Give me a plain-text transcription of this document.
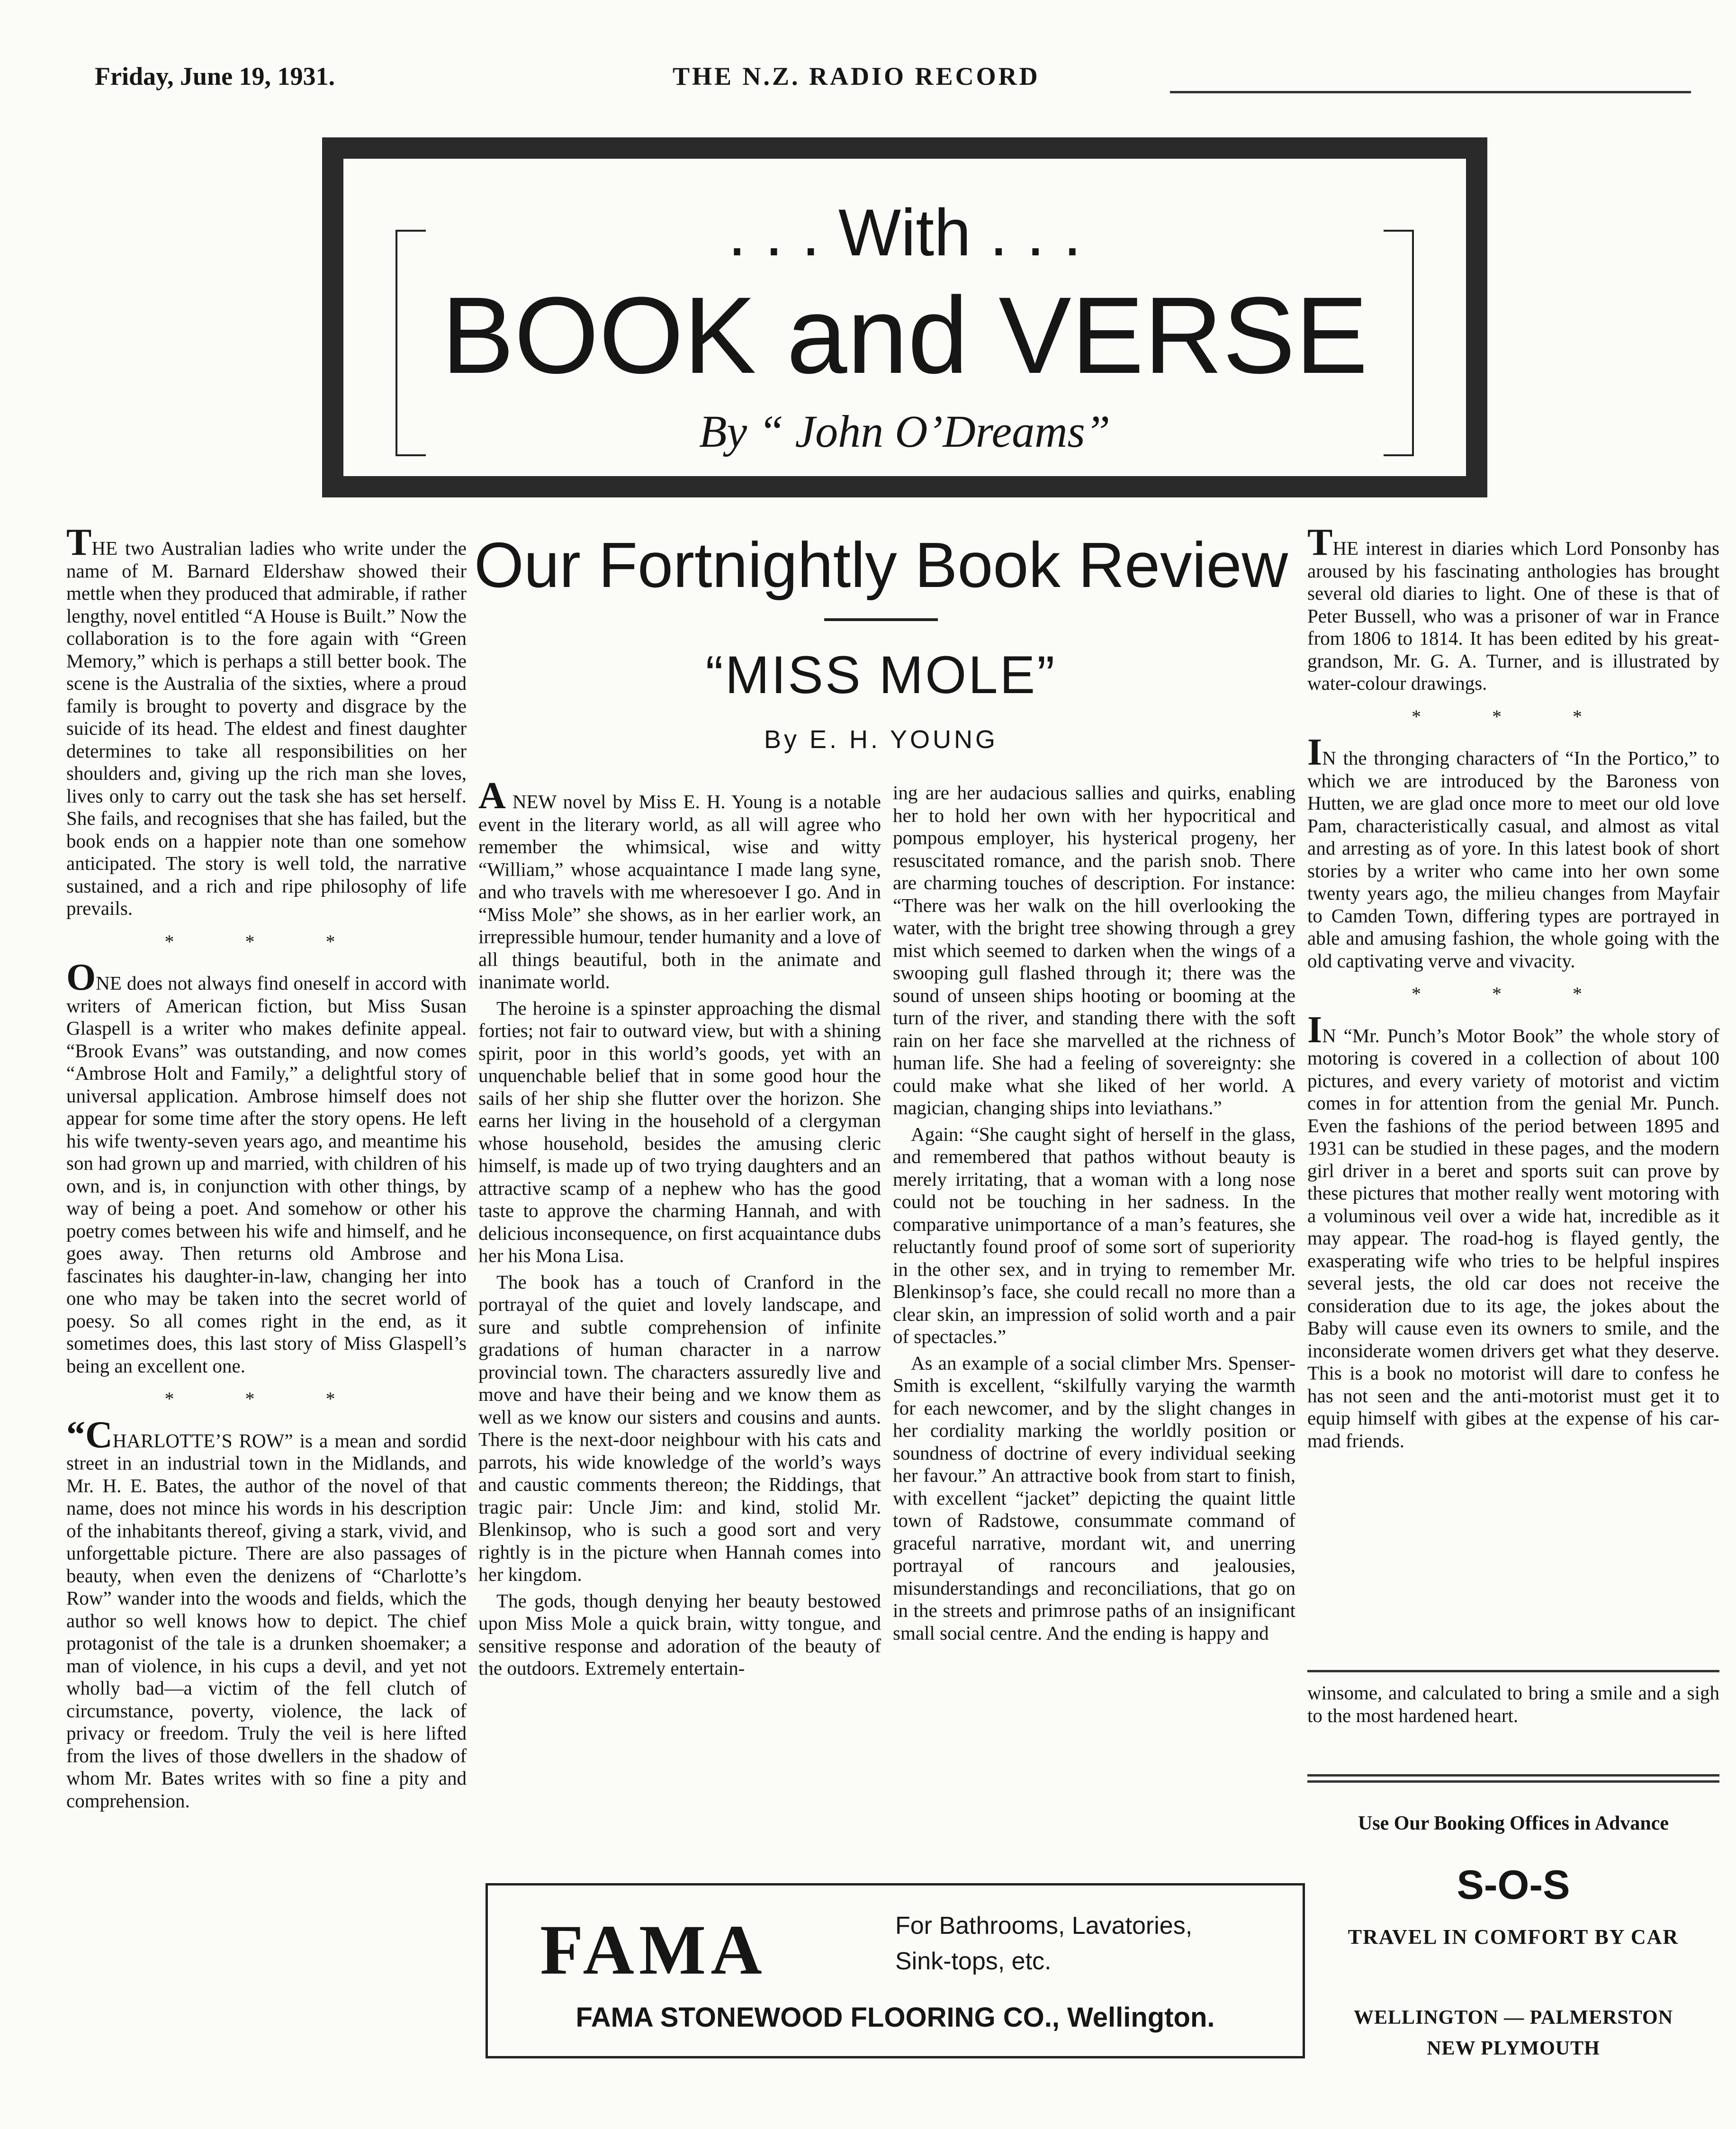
Friday, June 19, 1931.	THE N.Z. RADIO RECORD
. . . With . . .
BOOK and VERSE
By “ John O’Dreams”

THE two Australian ladies who write under the name of M. Barnard Eldershaw showed their mettle when they produced that admirable, if rather lengthy, novel entitled “A House is Built.” Now the collaboration is to the fore again with “Green Memory,” which is perhaps a still better book. The scene is the Australia of the sixties, where a proud family is brought to poverty and disgrace by the suicide of its head. The eldest and finest daughter determines to take all responsibilities on her shoulders and, giving up the rich man she loves, lives only to carry out the task she has set herself. She fails, and recognises that she has failed, but the book ends on a happier note than one somehow anticipated. The story is well told, the narrative sustained, and a rich and ripe philosophy of life prevails.

* * *

ONE does not always find oneself in accord with writers of American fiction, but Miss Susan Glaspell is a writer who makes definite appeal. “Brook Evans” was outstanding, and now comes “Ambrose Holt and Family,” a delightful story of universal application. Ambrose himself does not appear for some time after the story opens. He left his wife twenty-seven years ago, and meantime his son had grown up and married, with children of his own, and is, in conjunction with other things, by way of being a poet. And somehow or other his poetry comes between his wife and himself, and he goes away. Then returns old Ambrose and fascinates his daughter-in-law, changing her into one who may be taken into the secret world of poesy. So all comes right in the end, as it sometimes does, this last story of Miss Glaspell’s being an excellent one.

* * *

“CHARLOTTE’S ROW” is a mean and sordid street in an industrial town in the Midlands, and Mr. H. E. Bates, the author of the novel of that name, does not mince his words in his description of the inhabitants thereof, giving a stark, vivid, and unforgettable picture. There are also passages of beauty, when even the denizens of “Charlotte’s Row” wander into the woods and fields, which the author so well knows how to depict. The chief protagonist of the tale is a drunken shoemaker; a man of violence, in his cups a devil, and yet not wholly bad—a victim of the fell clutch of circumstance, poverty, violence, the lack of privacy or freedom. Truly the veil is here lifted from the lives of those dwellers in the shadow of whom Mr. Bates writes with so fine a pity and comprehension.

Our Fortnightly Book Review
“MISS MOLE”
By E. H. YOUNG

A NEW novel by Miss E. H. Young is a notable event in the literary world, as all will agree who remember the whimsical, wise and witty “William,” whose acquaintance I made lang syne, and who travels with me wheresoever I go. And in “Miss Mole” she shows, as in her earlier work, an irrepressible humour, tender humanity and a love of all things beautiful, both in the animate and inanimate world.

The heroine is a spinster approaching the dismal forties; not fair to outward view, but with a shining spirit, poor in this world’s goods, yet with an unquenchable belief that in some good hour the sails of her ship she flutter over the horizon. She earns her living in the household of a clergyman whose household, besides the amusing cleric himself, is made up of two trying daughters and an attractive scamp of a nephew who has the good taste to approve the charming Hannah, and with delicious inconsequence, on first acquaintance dubs her his Mona Lisa.

The book has a touch of Cranford in the portrayal of the quiet and lovely landscape, and sure and subtle comprehension of infinite gradations of human character in a narrow provincial town. The characters assuredly live and move and have their being and we know them as well as we know our sisters and cousins and aunts. There is the next-door neighbour with his cats and parrots, his wide knowledge of the world’s ways and caustic comments thereon; the Riddings, that tragic pair: Uncle Jim: and kind, stolid Mr. Blenkinsop, who is such a good sort and very rightly is in the picture when Hannah comes into her kingdom.

The gods, though denying her beauty bestowed upon Miss Mole a quick brain, witty tongue, and sensitive response and adoration of the beauty of the outdoors. Extremely entertain-

ing are her audacious sallies and quirks, enabling her to hold her own with her hypocritical and pompous employer, his hysterical progeny, her resuscitated romance, and the parish snob. There are charming touches of description. For instance: “There was her walk on the hill overlooking the water, with the bright tree showing through a grey mist which seemed to darken when the wings of a swooping gull flashed through it; there was the sound of unseen ships hooting or booming at the turn of the river, and standing there with the soft rain on her face she marvelled at the richness of human life. She had a feeling of sovereignty: she could make what she liked of her world. A magician, changing ships into leviathans.”

Again: “She caught sight of herself in the glass, and remembered that pathos without beauty is merely irritating, that a woman with a long nose could not be touching in her sadness. In the comparative unimportance of a man’s features, she reluctantly found proof of some sort of superiority in the other sex, and in trying to remember Mr. Blenkinsop’s face, she could recall no more than a clear skin, an impression of solid worth and a pair of spectacles.”

As an example of a social climber Mrs. Spenser-Smith is excellent, “skilfully varying the warmth for each newcomer, and by the slight changes in her cordiality marking the worldly position or soundness of doctrine of every individual seeking her favour.” An attractive book from start to finish, with excellent “jacket” depicting the quaint little town of Radstowe, consummate command of graceful narrative, mordant wit, and unerring portrayal of rancours and jealousies, misunderstandings and reconciliations, that go on in the streets and primrose paths of an insignificant small social centre. And the ending is happy and

THE interest in diaries which Lord Ponsonby has aroused by his fascinating anthologies has brought several old diaries to light. One of these is that of Peter Bussell, who was a prisoner of war in France from 1806 to 1814. It has been edited by his great-grandson, Mr. G. A. Turner, and is illustrated by water-colour drawings.

* * *

IN the thronging characters of “In the Portico,” to which we are introduced by the Baroness von Hutten, we are glad once more to meet our old love Pam, characteristically casual, and almost as vital and arresting as of yore. In this latest book of short stories by a writer who came into her own some twenty years ago, the milieu changes from Mayfair to Camden Town, differing types are portrayed in able and amusing fashion, the whole going with the old captivating verve and vivacity.

* * *

IN “Mr. Punch’s Motor Book” the whole story of motoring is covered in a collection of about 100 pictures, and every variety of motorist and victim comes in for attention from the genial Mr. Punch. Even the fashions of the period between 1895 and 1931 can be studied in these pages, and the modern girl driver in a beret and sports suit can prove by these pictures that mother really went motoring with a voluminous veil over a wide hat, incredible as it may appear. The road-hog is flayed gently, the exasperating wife who tries to be helpful inspires several jests, the old car does not receive the consideration due to its age, the jokes about the Baby will cause even its owners to smile, and the inconsiderate women drivers get what they deserve. This is a book no motorist will dare to confess he has not seen and the anti-motorist must get it to equip himself with gibes at the expense of his car-mad friends.

winsome, and calculated to bring a smile and a sigh to the most hardened heart.

Use Our Booking Offices in Advance
S-O-S
TRAVEL IN COMFORT BY CAR
WELLINGTON — PALMERSTON
NEW PLYMOUTH
FAMA	For Bathrooms, Lavatories,
Sink-tops, etc.
FAMA STONEWOOD FLOORING CO., Wellington.
